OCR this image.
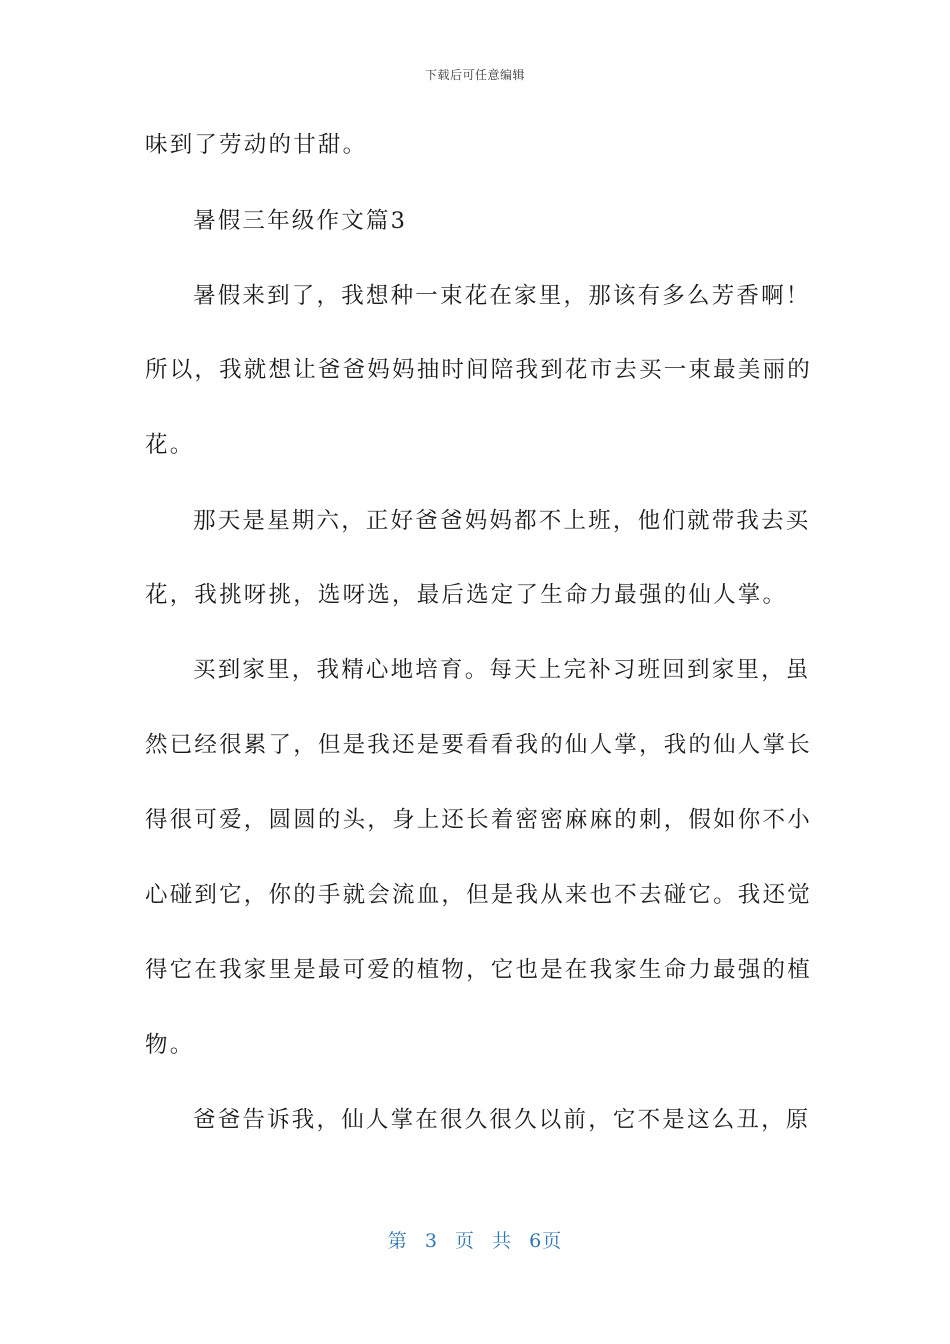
下载后可任意编辑
味到了劳动的甘甜。
暑假三年级作文篇3
暑假来到了，我想种一束花在家里，那该有多么芳香啊！
所以，我就想让爸爸妈妈抽时间陪我到花市去买一束最美丽的
花。
那天是星期六，正好爸爸妈妈都不上班，他们就带我去买
花，我挑呀挑，选呀选，最后选定了生命力最强的仙人掌。
买到家里，我精心地培育。每天上完补习班回到家里，虽
然已经很累了，但是我还是要看看我的仙人掌，我的仙人掌长
得很可爱，圆圆的头，身上还长着密密麻麻的刺，假如你不小
心碰到它，你的手就会流血，但是我从来也不去碰它。我还觉
得它在我家里是最可爱的植物，它也是在我家生命力最强的植
物。
爸爸告诉我，仙人掌在很久很久以前，它不是这么丑，原
第 3 页 共 6页
